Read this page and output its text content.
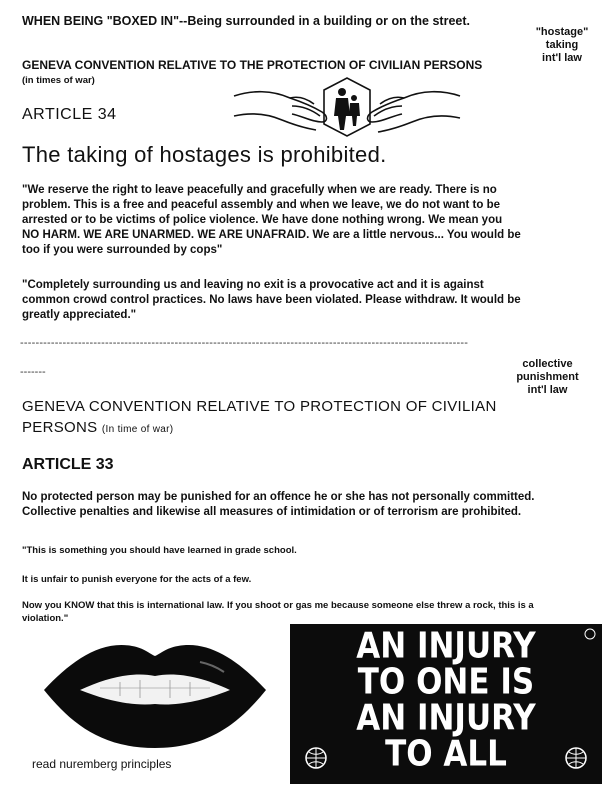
WHEN BEING "BOXED IN"--Being surrounded in a building or on the street.
GENEVA CONVENTION RELATIVE TO THE PROTECTION OF CIVILIAN PERSONS (in times of war)
"hostage"
taking
int'l law
ARTICLE 34
The taking of hostages is prohibited.
"We reserve the right to leave peacefully and gracefully when we are ready. There is no problem. This is a free and peaceful assembly and when we leave, we do not want to be arrested or to be victims of police violence. We have done nothing wrong. We mean you NO HARM. WE ARE UNARMED. WE ARE UNAFRAID. We are a little nervous... You would be too if you were surrounded by cops"
"Completely surrounding us and leaving no exit is a provocative act and it is against common crowd control practices. No laws have been violated. Please withdraw. It would be greatly appreciated."
--------------------------------------------------------------------------------------------------------------------
-------
collective
punishment
int'l law
GENEVA CONVENTION RELATIVE TO PROTECTION OF CIVILIAN PERSONS (In time of war)
ARTICLE 33
No protected person may be punished for an offence he or she has not personally committed. Collective penalties and likewise all measures of intimidation or of terrorism are prohibited.
"This is something you should have learned in grade school.
It is unfair to punish everyone for the acts of a few.
Now you KNOW that this is international law. If you shoot or gas me because someone else threw a rock, this is a violation."
read nuremberg principles
AN INJURY
TO ONE IS
AN INJURY
TO ALL
